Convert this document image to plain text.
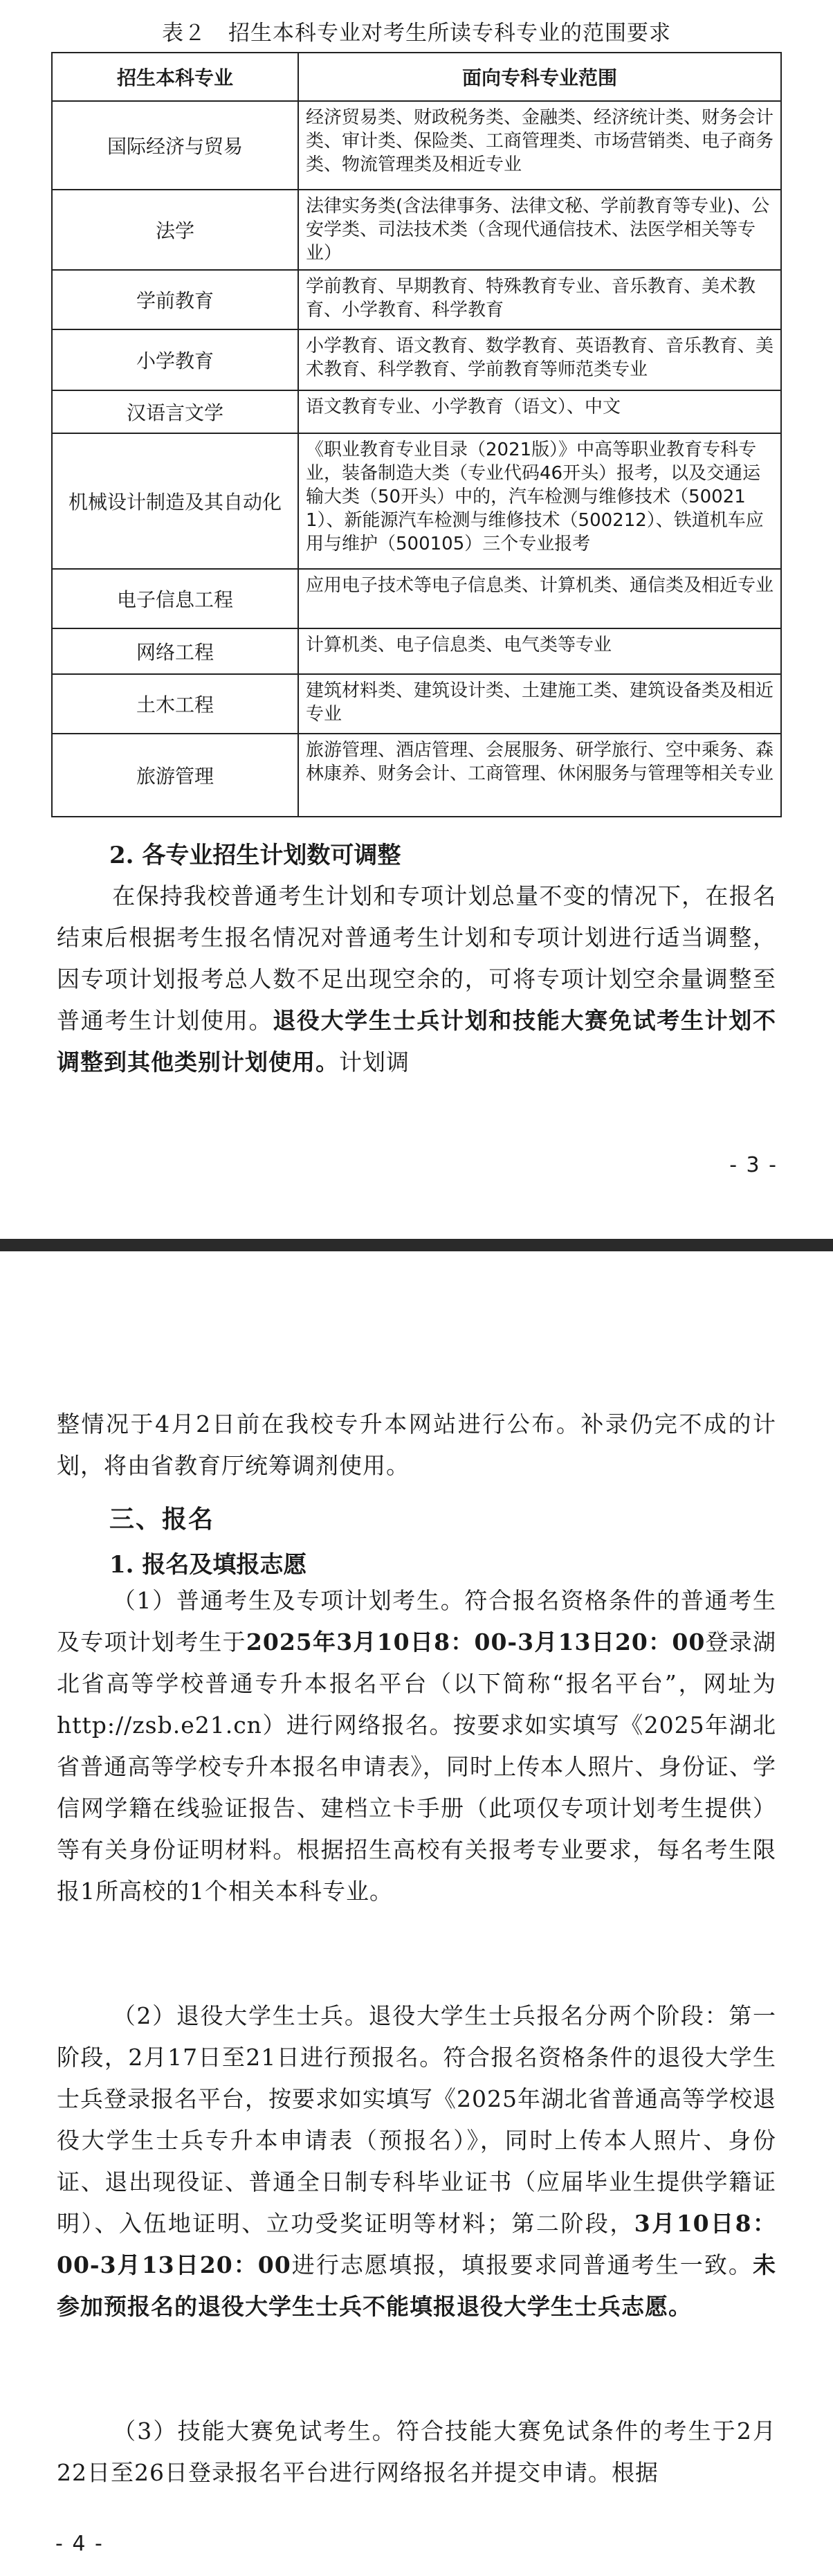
表２　招生本科专业对考生所读专科专业的范围要求
招生本科专业	面向专科专业范围
国际经济与贸易	经济贸易类、财政税务类、金融类、经济统计类、财务会计类、审计类、保险类、工商管理类、市场营销类、电子商务类、物流管理类及相近专业
法学	法律实务类(含法律事务、法律文秘、学前教育等专业)、公安学类、司法技术类（含现代通信技术、法医学相关等专业）
学前教育	学前教育、早期教育、特殊教育专业、音乐教育、美术教育、小学教育、科学教育
小学教育	小学教育、语文教育、数学教育、英语教育、音乐教育、美术教育、科学教育、学前教育等师范类专业
汉语言文学	语文教育专业、小学教育（语文）、中文
机械设计制造及其自动化	《职业教育专业目录（2021版）》中高等职业教育专科专业，装备制造大类（专业代码46开头）报考，以及交通运输大类（50开头）中的，汽车检测与维修技术（500211）、新能源汽车检测与维修技术（500212）、铁道机车应用与维护（500105）三个专业报考
电子信息工程	应用电子技术等电子信息类、计算机类、通信类及相近专业
网络工程	计算机类、电子信息类、电气类等专业
土木工程	建筑材料类、建筑设计类、土建施工类、建筑设备类及相近专业
旅游管理	旅游管理、酒店管理、会展服务、研学旅行、空中乘务、森林康养、财务会计、工商管理、休闲服务与管理等相关专业
2. 各专业招生计划数可调整
在保持我校普通考生计划和专项计划总量不变的情况下，在报名结束后根据考生报名情况对普通考生计划和专项计划进行适当调整，因专项计划报考总人数不足出现空余的，可将专项计划空余量调整至普通考生计划使用。退役大学生士兵计划和技能大赛免试考生计划不调整到其他类别计划使用。计划调
- 3 -
整情况于4月2日前在我校专升本网站进行公布。补录仍完不成的计划，将由省教育厅统筹调剂使用。
三、报名
1. 报名及填报志愿
（1）普通考生及专项计划考生。符合报名资格条件的普通考生及专项计划考生于2025年3月10日8：00-3月13日20：00登录湖北省高等学校普通专升本报名平台（以下简称“报名平台”，网址为http://zsb.e21.cn）进行网络报名。按要求如实填写《2025年湖北省普通高等学校专升本报名申请表》，同时上传本人照片、身份证、学信网学籍在线验证报告、建档立卡手册（此项仅专项计划考生提供）等有关身份证明材料。根据招生高校有关报考专业要求，每名考生限报1所高校的1个相关本科专业。
（2）退役大学生士兵。退役大学生士兵报名分两个阶段：第一阶段，2月17日至21日进行预报名。符合报名资格条件的退役大学生士兵登录报名平台，按要求如实填写《2025年湖北省普通高等学校退役大学生士兵专升本申请表（预报名）》，同时上传本人照片、身份证、退出现役证、普通全日制专科毕业证书（应届毕业生提供学籍证明）、入伍地证明、立功受奖证明等材料；第二阶段，3月10日8：00-3月13日20：00进行志愿填报，填报要求同普通考生一致。未参加预报名的退役大学生士兵不能填报退役大学生士兵志愿。
（3）技能大赛免试考生。符合技能大赛免试条件的考生于2月22日至26日登录报名平台进行网络报名并提交申请。根据
- 4 -
